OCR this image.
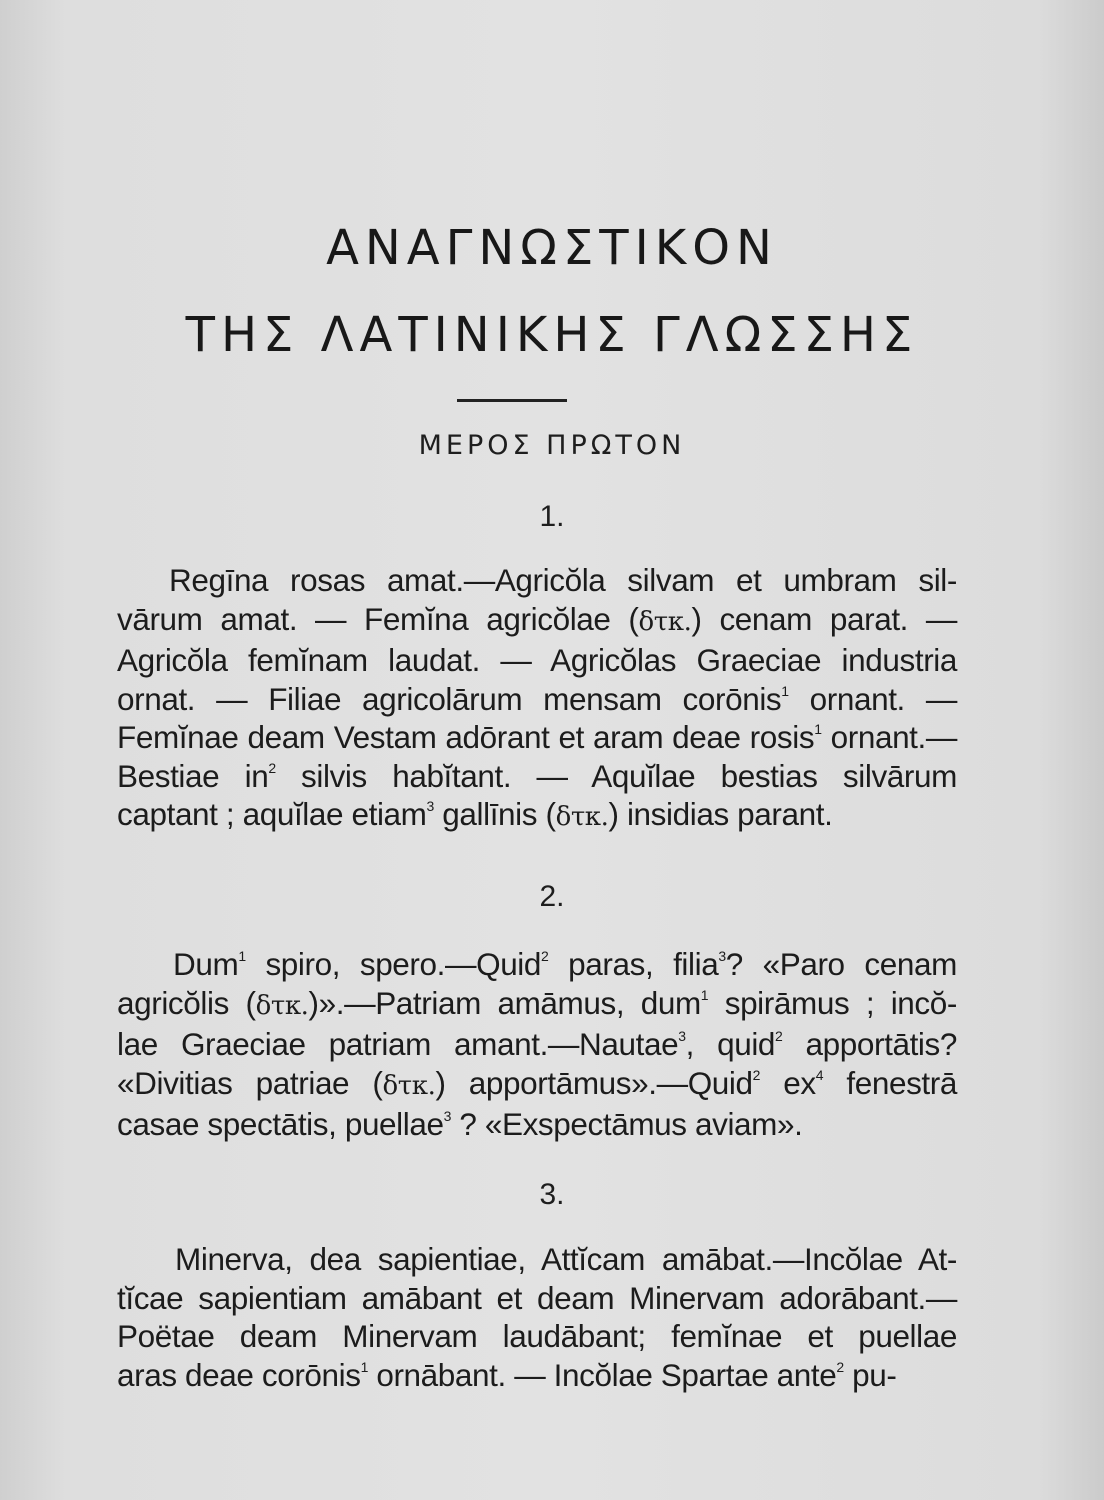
ΑΝΑΓΝΩΣΤΙΚΟΝ
ΤΗΣ ΛΑΤΙΝΙΚΗΣ ΓΛΩΣΣΗΣ
ΜΕΡΟΣ ΠΡΩΤΟΝ
1.
Regīna rosas amat.—Agricŏla silvam et umbram sil-
vārum amat. — Femĭna agricŏlae (δτκ.) cenam parat. —
Agricŏla femĭnam laudat. — Agricŏlas Graeciae industria
ornat. — Filiae agricolārum mensam corōnis$^1$ ornant. —
Femĭnae deam Vestam adōrant et aram deae rosis$^1$ ornant.—
Bestiae $in^2$ silvis habĭtant. — Aquĭlae bestias silvārum
captant ; aquĭlae etiam$^3$ gallīnis (δτκ.) insidias parant.
2.
Dum$^1$ spiro, spero.—Quid$^2$ paras, filia$^3$? «Paro cenam
agricŏlis (δτκ.)».—Patriam amāmus, dum$^1$ spirāmus ; incŏ-
lae Graeciae patriam amant.—Nautae$^3$, quid$^2$ apportātis?
«Divitias patriae (δτκ.) apportāmus».—Quid$^2$ $ex^4$ fenestrā
casae spectātis, puellae$^3$ ? «Exspectāmus aviam».
3.
Minerva, dea sapientiae, Attĭcam amābat.—Incŏlae At-
tĭcae sapientiam amābant et deam Minervam adorābant.—
Poëtae deam Minervam laudābant; femĭnae et puellae
aras deae corōnis$^1$ ornābant. — Incŏlae Spartae ante$^2$ pu-
